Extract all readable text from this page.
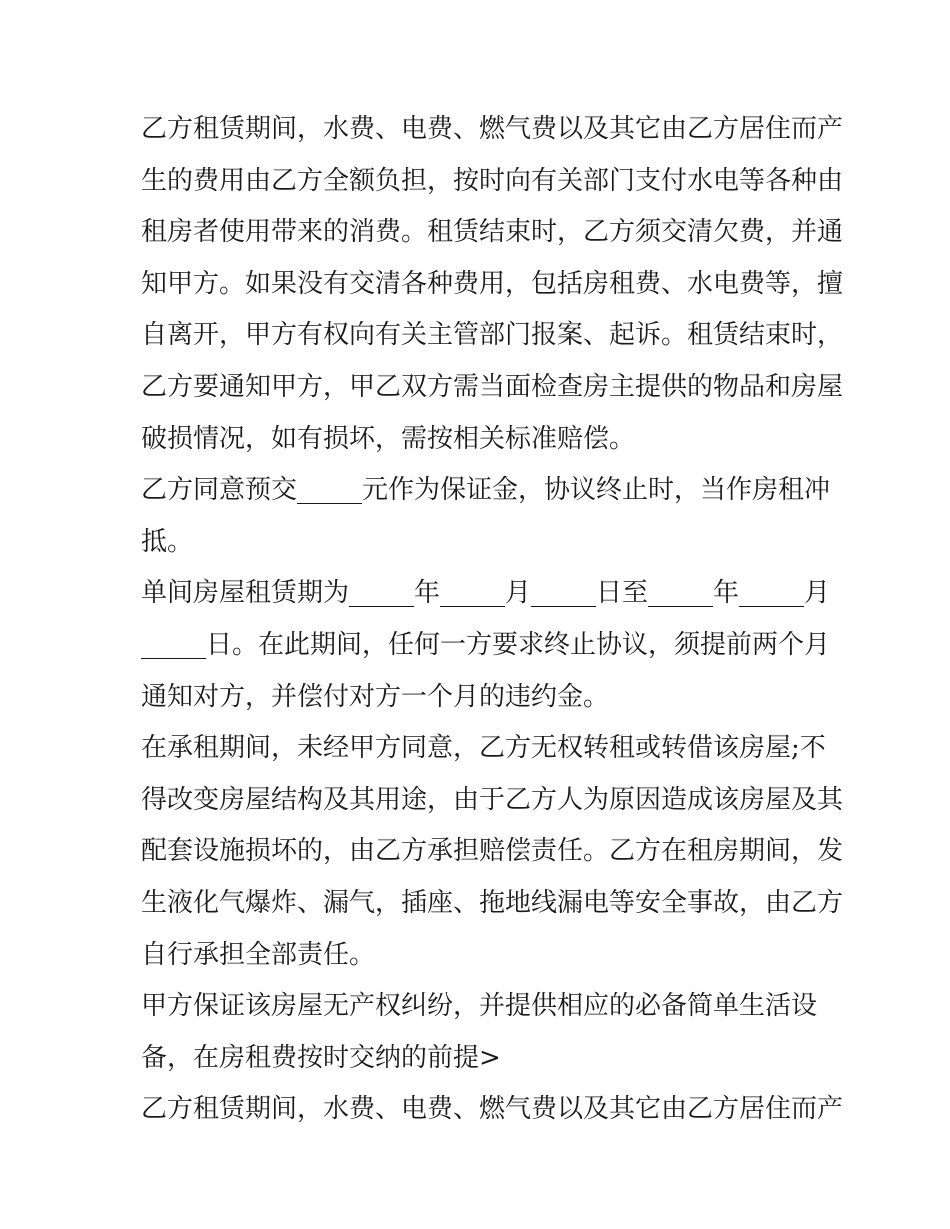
乙方租赁期间，水费、电费、燃气费以及其它由乙方居住而产
生的费用由乙方全额负担，按时向有关部门支付水电等各种由
租房者使用带来的消费。租赁结束时，乙方须交清欠费，并通
知甲方。如果没有交清各种费用，包括房租费、水电费等，擅
自离开，甲方有权向有关主管部门报案、起诉。租赁结束时，
乙方要通知甲方，甲乙双方需当面检查房主提供的物品和房屋
破损情况，如有损坏，需按相关标准赔偿。
乙方同意预交_____元作为保证金，协议终止时，当作房租冲
抵。
单间房屋租赁期为_____年_____月_____日至_____年_____月
_____日。在此期间，任何一方要求终止协议，须提前两个月
通知对方，并偿付对方一个月的违约金。
在承租期间，未经甲方同意，乙方无权转租或转借该房屋;不
得改变房屋结构及其用途，由于乙方人为原因造成该房屋及其
配套设施损坏的，由乙方承担赔偿责任。乙方在租房期间，发
生液化气爆炸、漏气，插座、拖地线漏电等安全事故，由乙方
自行承担全部责任。
甲方保证该房屋无产权纠纷，并提供相应的必备简单生活设
备，在房租费按时交纳的前提>
乙方租赁期间，水费、电费、燃气费以及其它由乙方居住而产
